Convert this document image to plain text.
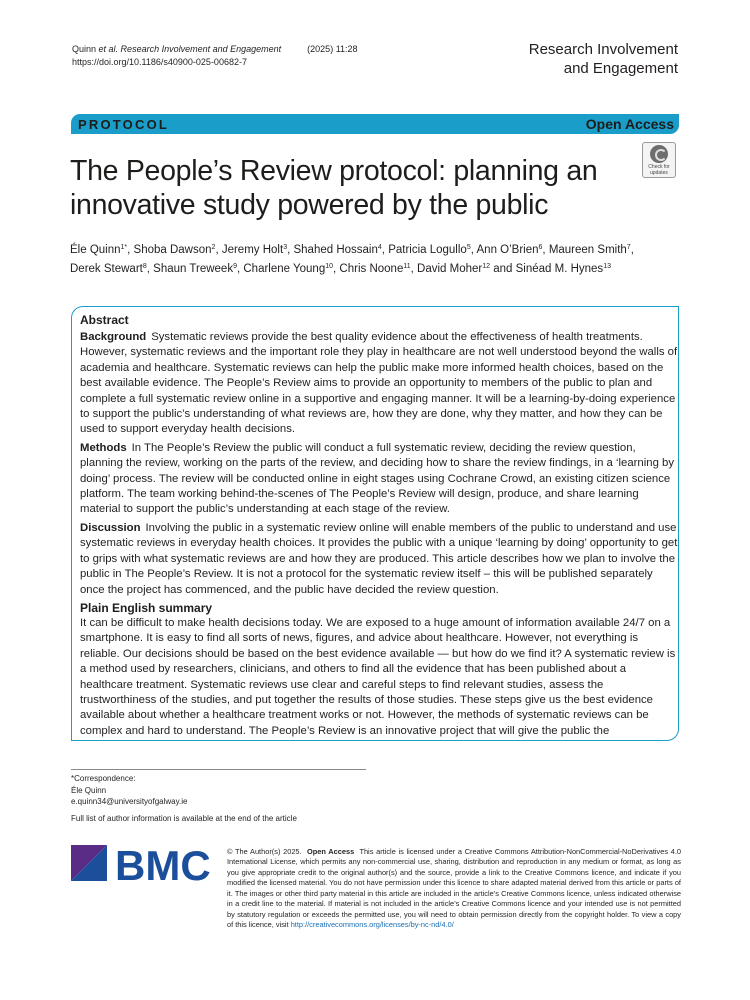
Quinn
et al. Research Involvement and Engagement	(2025) 11:28
https://doi.org/10.1186/s40900-025-00682-7
Research Involvement
and Engagement
PROTOCOL	Open Access
The People’s Review protocol: planning an innovative study powered by the public
Check for
updates
Éle Quinn$^{1*}$, Shoba Dawson$^2$, Jeremy Holt$^3$, Shahed Hossain$^4$, Patricia Logullo$^5$, Ann O’Brien$^6$, Maureen Smith$^7$,
Derek Stewart$^8$, Shaun Treweek$^9$, Charlene Young$^{10}$, Chris Noone$^{11}$, David Moher$^{12}$ and Sinéad M. Hynes$^{13}$
Abstract

Background Systematic reviews provide the best quality evidence about the effectiveness of health treatments. However, systematic reviews and the important role they play in healthcare are not well understood beyond the walls of academia and healthcare. Systematic reviews can help the public make more informed health choices, based on the best available evidence. The People’s Review aims to provide an opportunity to members of the public to plan and complete a full systematic review online in a supportive and engaging manner. It will be a learning-by-doing experience to support the public’s understanding of what reviews are, how they are done, why they matter, and how they can be used to support everyday health decisions.

Methods In The People’s Review the public will conduct a full systematic review, deciding the review question, planning the review, working on the parts of the review, and deciding how to share the review findings, in a ‘learning by doing’ process. The review will be conducted online in eight stages using Cochrane Crowd, an existing citizen science platform. The team working behind-the-scenes of The People’s Review will design, produce, and share learning material to support the public’s understanding at each stage of the review.

Discussion Involving the public in a systematic review online will enable members of the public to understand and use systematic reviews in everyday health choices. It provides the public with a unique ‘learning by doing’ opportunity to get to grips with what systematic reviews are and how they are produced. This article describes how we plan to involve the public in The People’s Review. It is not a protocol for the systematic review itself – this will be published separately once the project has commenced, and the public have decided the review question.

Plain English summary

It can be difficult to make health decisions today. We are exposed to a huge amount of information available 24/7 on a smartphone. It is easy to find all sorts of news, figures, and advice about healthcare. However, not everything is reliable. Our decisions should be based on the best evidence available — but how do we find it? A systematic review is a method used by researchers, clinicians, and others to find all the evidence that has been published about a healthcare treatment. Systematic reviews use clear and careful steps to find relevant studies, assess the trustworthiness of the studies, and put together the results of those studies. These steps give us the best evidence available about whether a healthcare treatment works or not. However, the methods of systematic reviews can be complex and hard to understand. The People’s Review is an innovative project that will give the public the

*Correspondence:
Éle Quinn
e.quinn34@universityofgalway.ie
Full list of author information is available at the end of the article
BMC © The Author(s) 2025. Open Access This article is licensed under a Creative Commons Attribution-NonCommercial-NoDerivatives 4.0 International License, which permits any non-commercial use, sharing, distribution and reproduction in any medium or format, as long as you give appropriate credit to the original author(s) and the source, provide a link to the Creative Commons licence, and indicate if you modified the licensed material. You do not have permission under this licence to share adapted material derived from this article or parts of it. The images or other third party material in this article are included in the article’s Creative Commons licence, unless indicated otherwise in a credit line to the material. If material is not included in the article’s Creative Commons licence and your intended use is not permitted by statutory regulation or exceeds the permitted use, you will need to obtain permission directly from the copyright holder. To view a copy of this licence, visit http://creativecommons.org/licenses/by-nc-nd/4.0/
